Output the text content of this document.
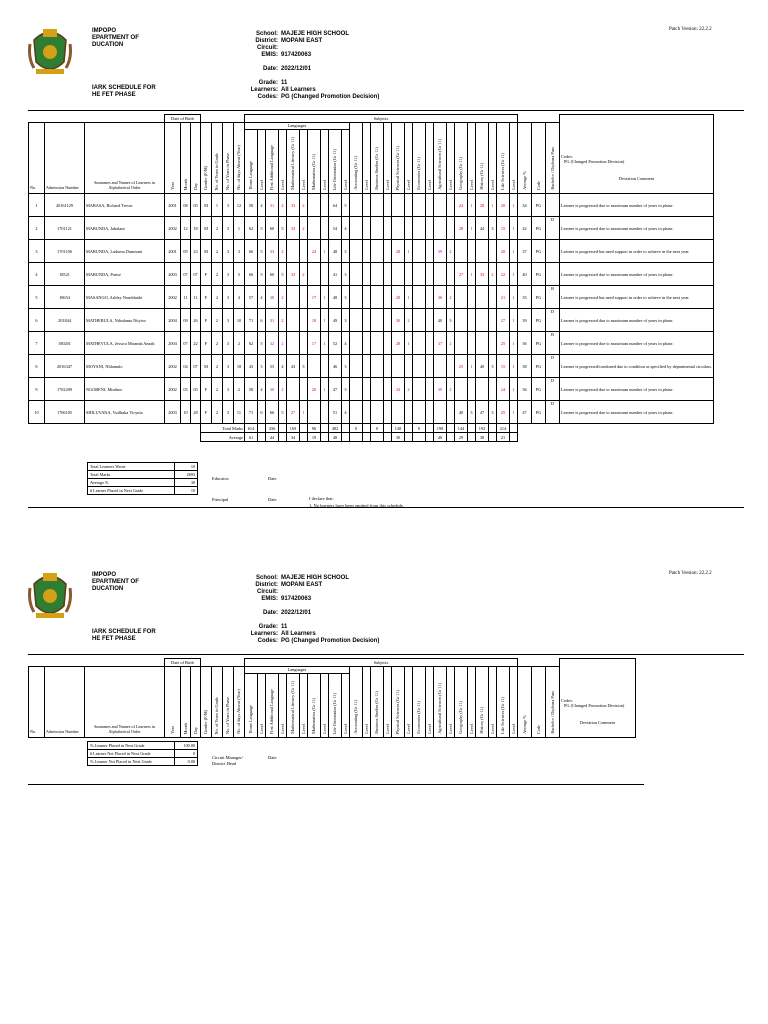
IMPOPO
EPARTMENT OF
DUCATION
IARK SCHEDULE FOR
HE FET PHASE
School: MAJEJE HIGH SCHOOL
District: MOPANI EAST
Circuit:
EMIS: 917420063
Date: 2022/12/01
Grade: 11
Learners: All Learners
Codes: PG (Changed Promotion Decision)
Patch Version: 22.2.2
			Date of Birth							Subjects																													Codes:
PG (Changed Promotion Decision)
Deviation Comment

No.	Admission Number	Surnames and Names of Learners in Alphabetical Order	Year	Month	Day	Gender (F/M)	No. of Years in Grade	No. of Years in Phase	No. of days Absent (Year)	Home Language
Languages	Level	First Additional Language	Level	Mathematical Literacy (Gr 11)	Level	Mathematics (Gr 11)	Level	Life Orientation (Gr 11)	Level	Accounting (Gr 11)	Level	Business Studies (Gr 11)	Level	Physical Sciences (Gr 11)	Level	Economics (Gr 11)	Level	Agricultural Sciences (Gr 11)	Level	Geography (Gr 11)	Level	History (Gr 11)	Level	Life Sciences (Gr 11)	Level	Average %	Code	Bachelor / Diploma Pass	

1	20161129	MABASA, Richard Trevor	2001	08	05	M	1	3	12	58	4	31	2	33	2			64	5											24	1	28	1	20	1	34	PG		Learner is progressed due to maximum number of years in phase.
2	1701121	MABUNDA, Jabulani	2002	12	18	M	2	3	1	62	5	60	5	33	2			54	4											28	1	44	3	15	1	42	PG	D	Learner is progressed due to maximum number of years in phase.
3	1701106	MABUNDA, Luduma Dumisani	2001	09	23	M	2	3	3	66	5	33	2			24	1	48	3					28	1			39	2					20	1	37	PG		Learner is progressed but need support in order to achieve in the next year.
4	18521	MABUNDA, Praise	2003	07	07	F	2	3	5	66	5	60	5	33	2			41	3											27	1	33	2	22	1	40	PG		Learner is progressed due to maximum number of years in phase.
5	18654	MASANGO, Ashley Nombhathi	2002	11	11	F	2	3	4	57	4	38	2			17	1	48	3					28	1			36	2					21	1	35	PG	B	Learner is progressed but need support in order to achieve in the next year.
6	201844	MATHEBULA, Ndzalama Ntiyiso	2004	09	26	F	2	3	10	71	6	31	2			18	1	49	3					30	2			40	3					27	1	39	PG	D	Learner is progressed due to maximum number of years in phase.
7	180201	MATHEVULA, Jessica Miranda Anzah	2004	07	22	F	2	3	2	62	5	32	2			17	1	52	4					28	1			37	2					25	1	36	PG	B	Learner is progressed due to maximum number of years in phase.
8	2016347	MOYANI, Nhlamulo	2002	04	07	M	2	3	18	43	3	55	4	43	3			46	3											25	1	40	3	15	1	38	PG	D	Learner is progressed/condoned due to condition as specified by departmental circulars.
9	1702209	NGOBENI, Minthoo	2002	05	05	F	2	3	2	58	4	30	2			20	1	47	3					34	2			39	2					24	1	36	PG	D	Learner is progressed due to maximum number of years in phase.
10	1706105	SHILUVANA, Vutlhuka Vicynia	2003	10	28	F	2	3	11	71	6	66	5	27	1			51	4											40	3	47	3	25	1	47	PG	D	Learner is progressed due to maximum number of years in phase.
						Total Marks				614		436		169		96		482		0		0		148		0		198		144		192		214					
						Average				61		44		34		19		48						30				40		29		38		21					
Total Learners Wrote	10
Total Marks	2693
Average %	38
# Learner Placed in Next Grade	10
Educator:	Date
Principal	Date	I declare that:
1. No learners have been omitted from this schedule.
IMPOPO
EPARTMENT OF
DUCATION
IARK SCHEDULE FOR
HE FET PHASE
School: MAJEJE HIGH SCHOOL
District: MOPANI EAST
Circuit:
EMIS: 917420063
Date: 2022/12/01
Grade: 11
Learners: All Learners
Codes: PG (Changed Promotion Decision)
Patch Version: 22.2.2
			Date of Birth							Subjects																													Codes:
PG (Changed Promotion Decision)
Deviation Comment

No.	Admission Number	Surnames and Names of Learners in Alphabetical Order	Year	Month	Day	Gender (F/M)	No. of Years in Grade	No. of Years in Phase	No. of days Absent (Year)	Home Language
Languages	Level	First Additional Language	Level	Mathematical Literacy (Gr 11)	Level	Mathematics (Gr 11)	Level	Life Orientation (Gr 11)	Level	Accounting (Gr 11)	Level	Business Studies (Gr 11)	Level	Physical Sciences (Gr 11)	Level	Economics (Gr 11)	Level	Agricultural Sciences (Gr 11)	Level	Geography (Gr 11)	Level	History (Gr 11)	Level	Life Sciences (Gr 11)	Level	Average %	Code	Bachelor / Diploma Pass	
% Learner Placed in Next Grade	100.00
# Learner Not Placed in Next Grade	0
% Learner Not Placed in Next Grade	0.00
Circuit Manager/
District Head
Date
